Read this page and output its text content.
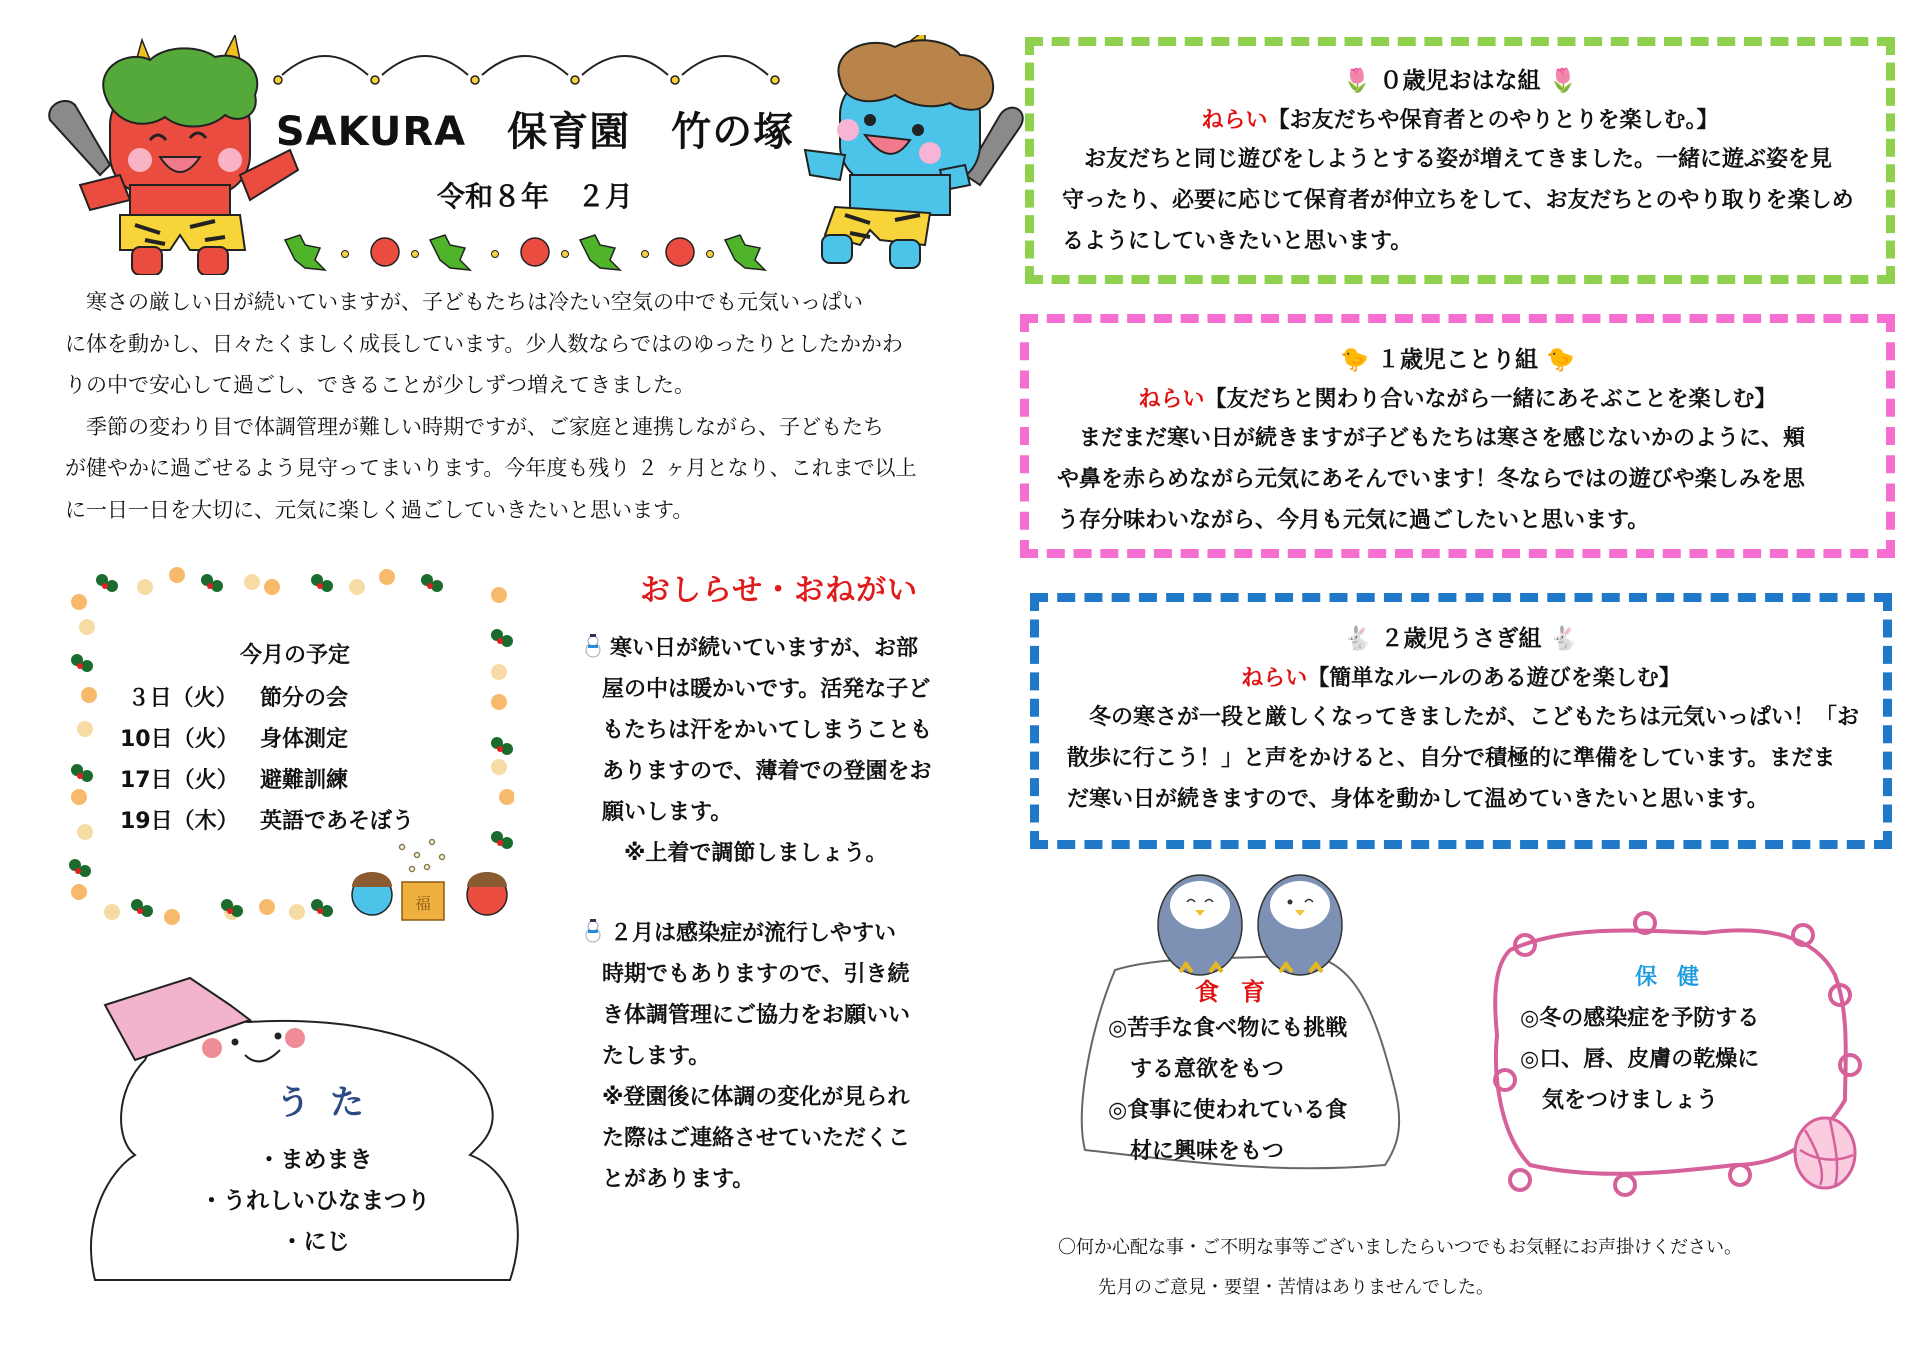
SAKURA　保育園　竹の塚
令和８年　２月
寒さの厳しい日が続いていますが、子どもたちは冷たい空気の中でも元気いっぱい
に体を動かし、日々たくましく成長しています。少人数ならではのゆったりとしたかかわ
りの中で安心して過ごし、できることが少しずつ増えてきました。
季節の変わり目で体調管理が難しい時期ですが、ご家庭と連携しながら、子どもたち
が健やかに過ごせるよう見守ってまいります。今年度も残り ２ ヶ月となり、これまで以上
に一日一日を大切に、元気に楽しく過ごしていきたいと思います。
福
今月の予定
３日（火）	節分の会
10日（火） 身体測定
17日（火） 避難訓練
19日（木） 英語であそぼう
おしらせ・おねがい
寒い日が続いていますが、お部
屋の中は暖かいです。活発な子ど
もたちは汗をかいてしまうことも
ありますので、薄着での登園をお
願いします。
　※上着で調節しましょう。
２月は感染症が流行しやすい
時期でもありますので、引き続
き体調管理にご協力をお願いい
たします。
※登園後に体調の変化が見られ
た際はご連絡させていただくこ
とがあります。
うた
・まめまき
・うれしいひなまつり
・にじ
🌷 ０歳児おはな組 🌷
ねらい【お友だちや保育者とのやりとりを楽しむ。】
　お友だちと同じ遊びをしようとする姿が増えてきました。一緒に遊ぶ姿を見
守ったり、必要に応じて保育者が仲立ちをして、お友だちとのやり取りを楽しめ
るようにしていきたいと思います。
🐤 １歳児ことり組 🐤
ねらい【友だちと関わり合いながら一緒にあそぶことを楽しむ】
　まだまだ寒い日が続きますが子どもたちは寒さを感じないかのように、頬
や鼻を赤らめながら元気にあそんでいます！冬ならではの遊びや楽しみを思
う存分味わいながら、今月も元気に過ごしたいと思います。
🐇 ２歳児うさぎ組 🐇
ねらい【簡単なルールのある遊びを楽しむ】
　冬の寒さが一段と厳しくなってきましたが、こどもたちは元気いっぱい！「お
散歩に行こう！」と声をかけると、自分で積極的に準備をしています。まだま
だ寒い日が続きますので、身体を動かして温めていきたいと思います。
食育
◎苦手な食べ物にも挑戦
　する意欲をもつ
◎食事に使われている食
　材に興味をもつ
保健
◎冬の感染症を予防する
◎口、唇、皮膚の乾燥に
　気をつけましょう
〇何か心配な事・ご不明な事等ございましたらいつでもお気軽にお声掛けください。
先月のご意見・要望・苦情はありませんでした。
